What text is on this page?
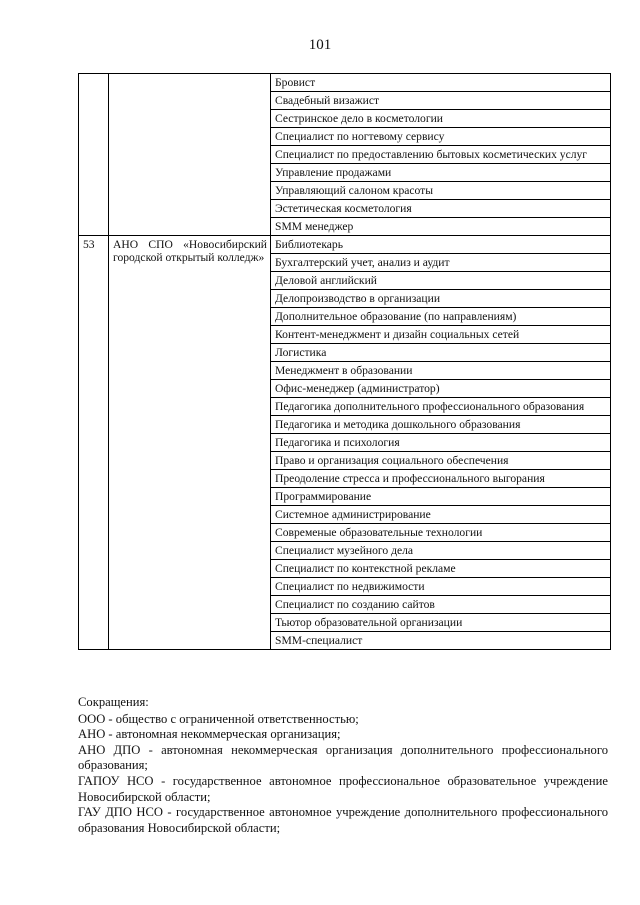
101
		Бровист
		Свадебный визажист
		Сестринское дело в косметологии
		Специалист по ногтевому сервису
		Специалист по предоставлению бытовых косметических услуг
		Управление продажами
		Управляющий салоном красоты
		Эстетическая косметология
		SMM менеджер
53	АНО СПО «Новосибирский городской открытый колледж»	Библиотекарь
		Бухгалтерский учет, анализ и аудит
		Деловой английский
		Делопроизводство в организации
		Дополнительное образование (по направлениям)
		Контент-менеджмент и дизайн социальных сетей
		Логистика
		Менеджмент в образовании
		Офис-менеджер (администратор)
		Педагогика дополнительного профессионального образования
		Педагогика и методика дошкольного образования
		Педагогика и психология
		Право и организация социального обеспечения
		Преодоление стресса и профессионального выгорания
		Программирование
		Системное администрирование
		Современые образовательные технологии
		Специалист музейного дела
		Специалист по контекстной рекламе
		Специалист по недвижимости
		Специалист по созданию сайтов
		Тьютор образовательной организации
		SMM-специалист

Сокращения:

ООО - общество с ограниченной ответственностью;

АНО - автономная некоммерческая организация;

АНО ДПО - автономная некоммерческая организация дополнительного профессионального образования;

ГАПОУ НСО - государственное автономное профессиональное образовательное учреждение Новосибирской области;

ГАУ ДПО НСО - государственное автономное учреждение дополнительного профессионального образования Новосибирской области;
